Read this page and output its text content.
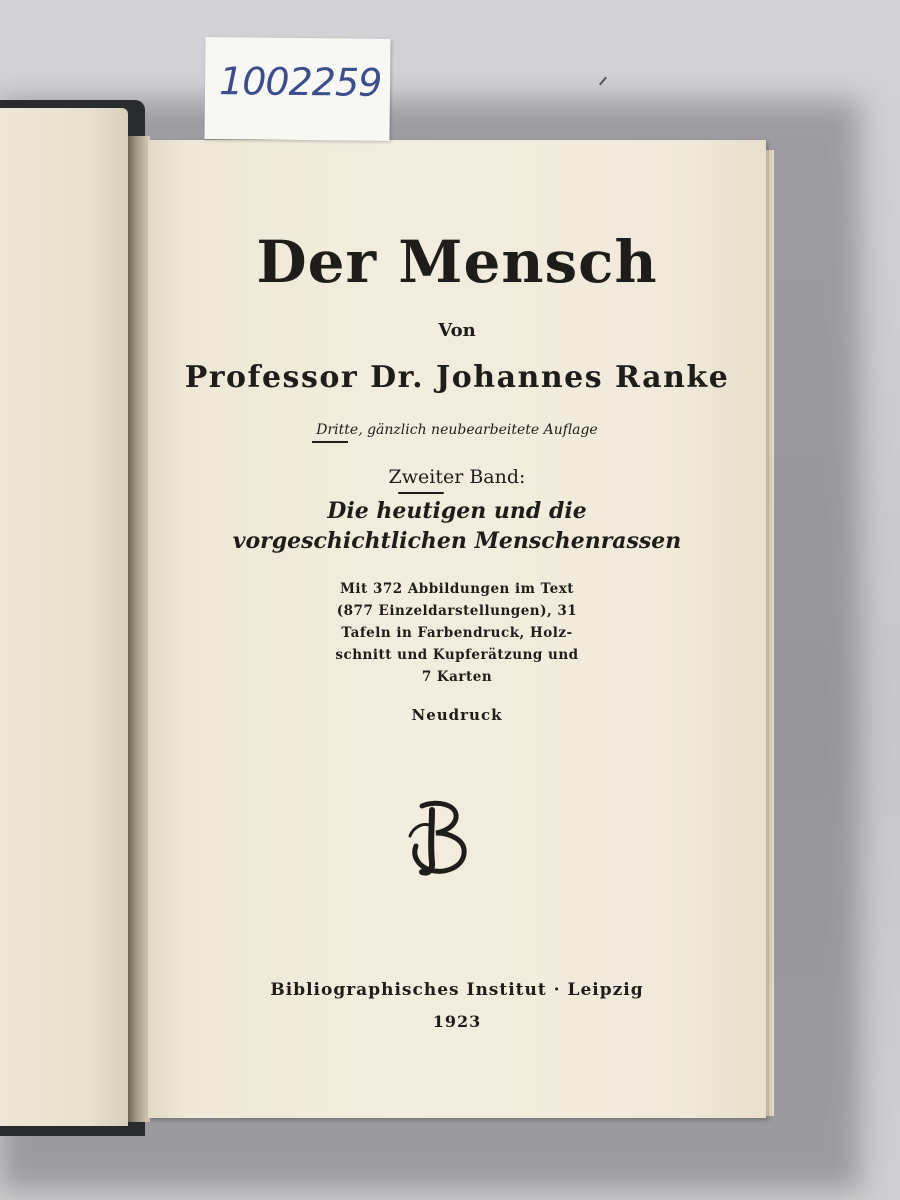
1002259
Der Mensch
Von
Professor Dr. Johannes Ranke
Dritte, gänzlich neubearbeitete Auflage
Zweiter Band:
Die heutigen und die
vorgeschichtlichen Menschenrassen
Mit 372 Abbildungen im Text
(877 Einzeldarstellungen), 31
Tafeln in Farbendruck, Holz-
schnitt und Kupferätzung und
7 Karten
Neudruck
Bibliographisches Institut · Leipzig
1923
